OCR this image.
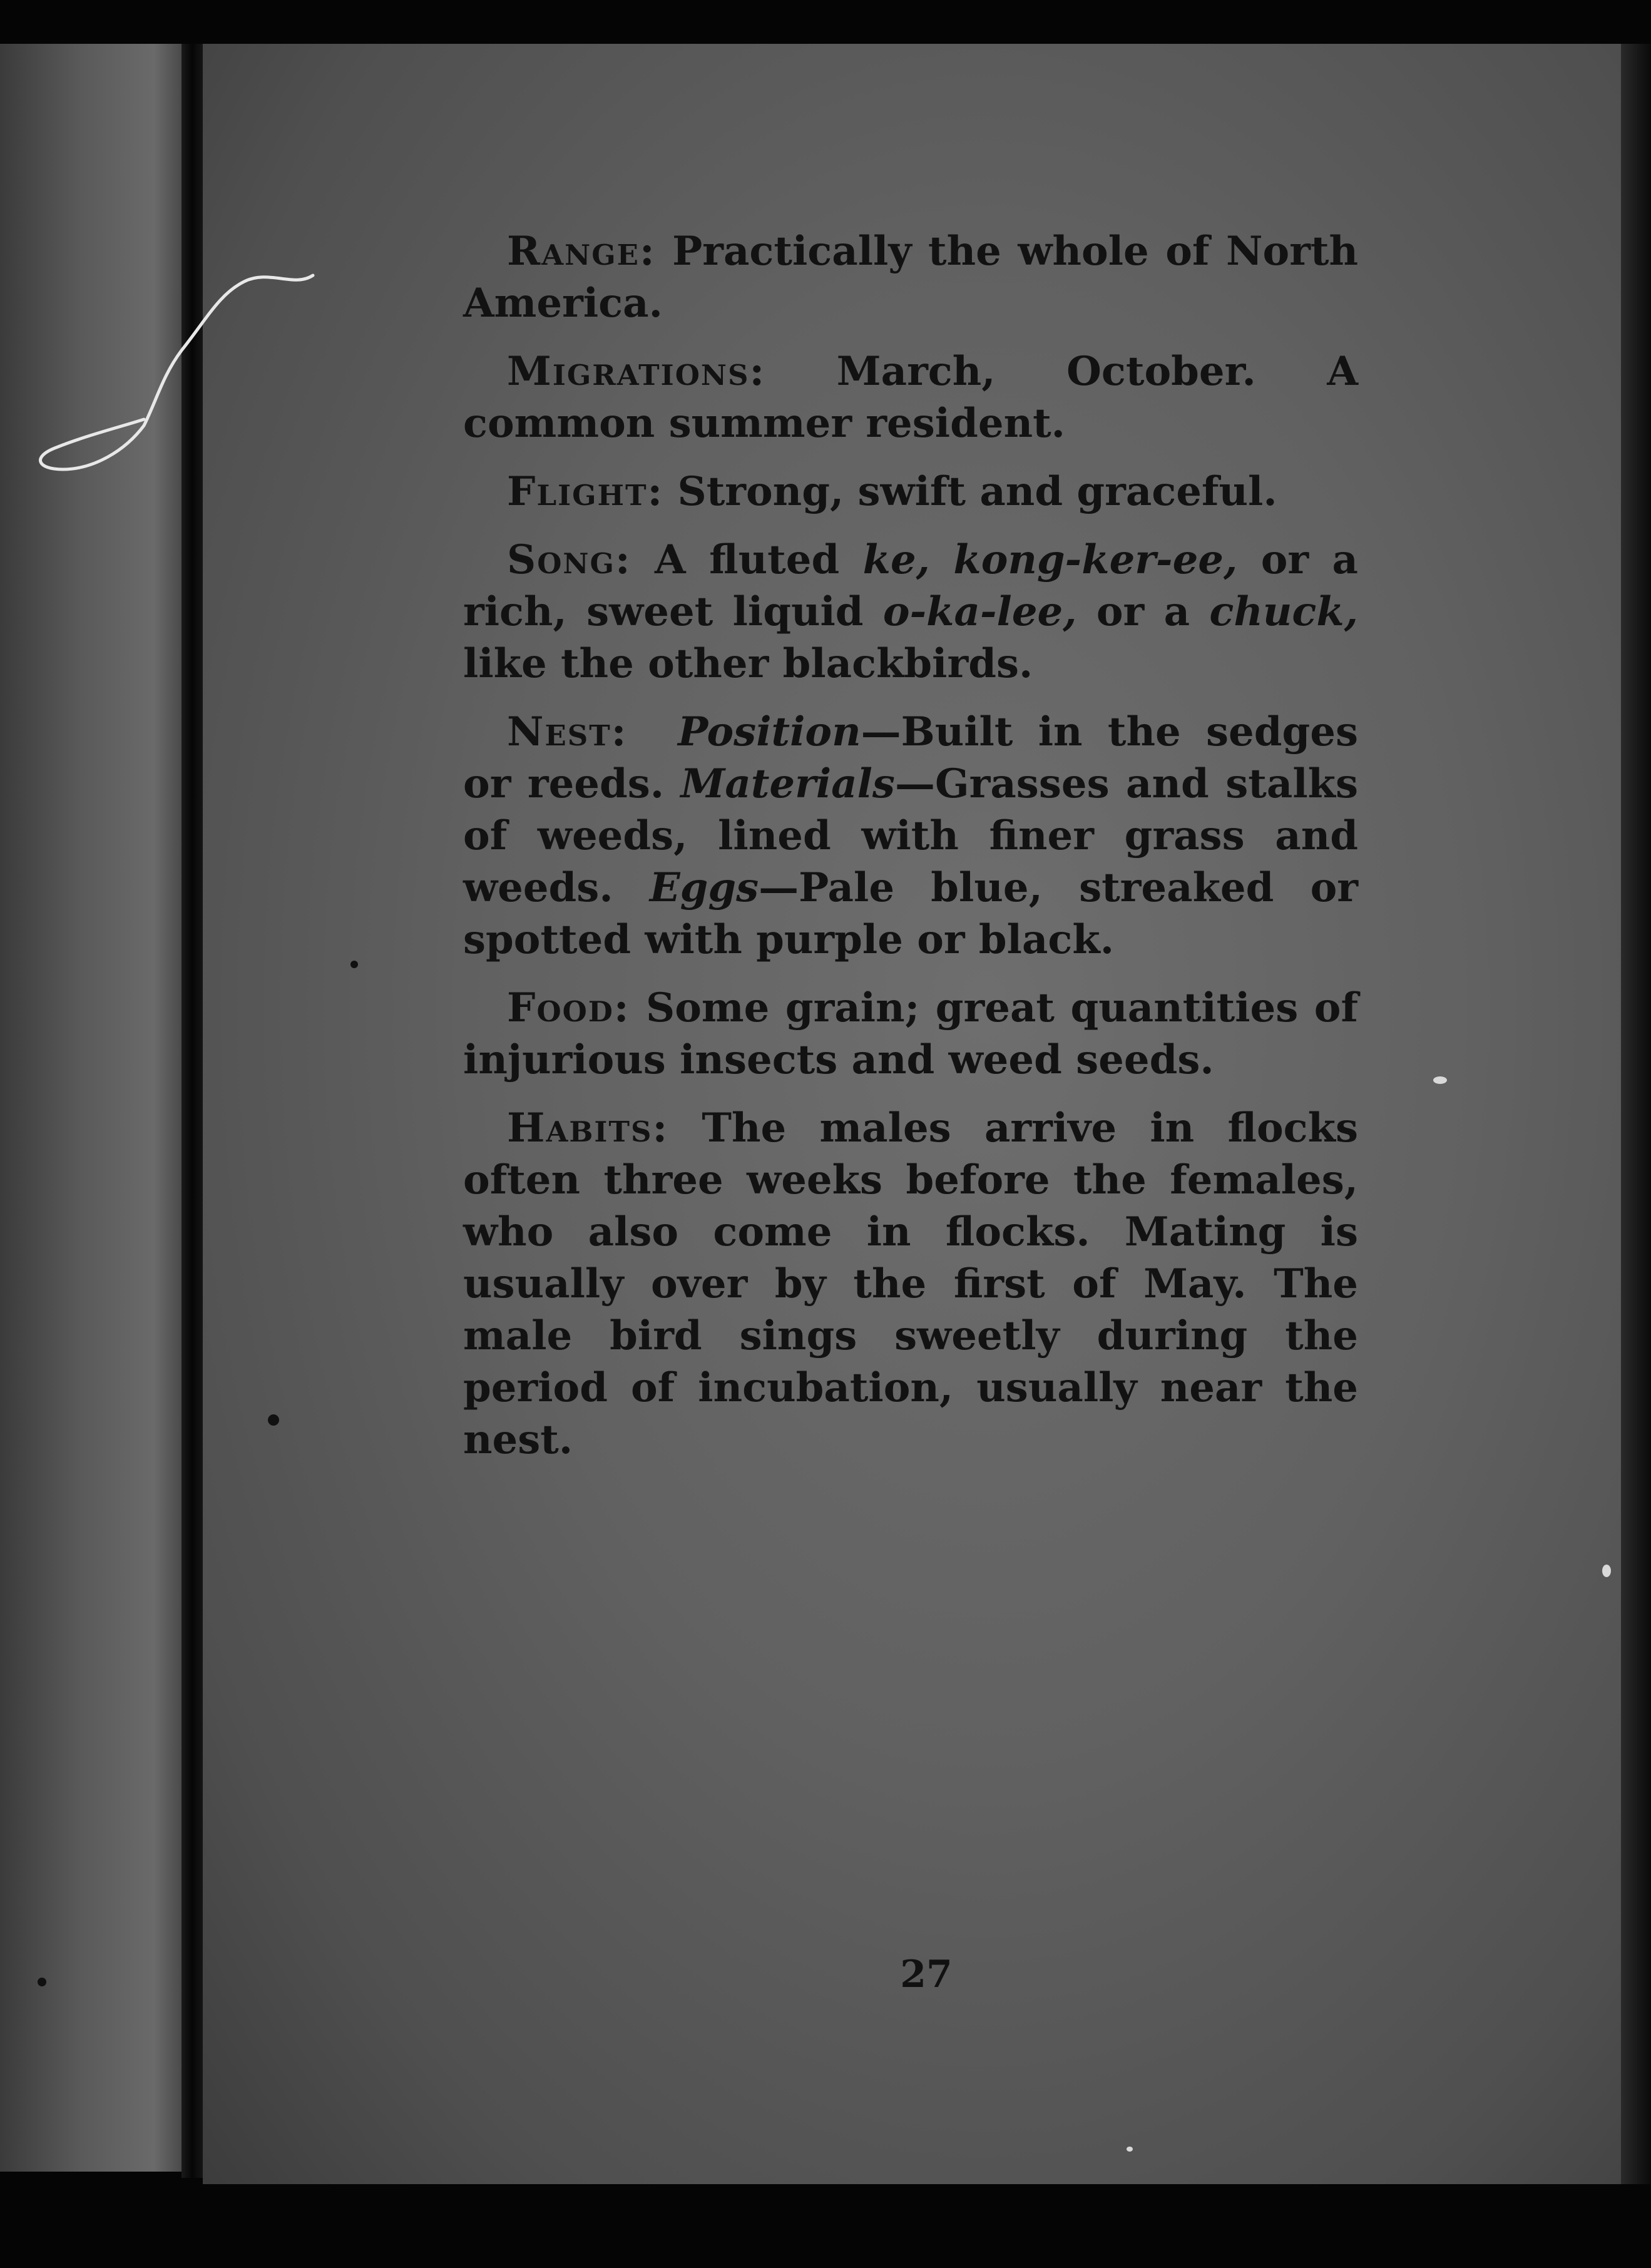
Range: Practically the whole of North America.

Migrations: March, October. A common summer resident.

Flight: Strong, swift and graceful.

Song: A fluted ke, kong-ker-ee, or a rich, sweet liquid o-ka-lee, or a chuck, like the other blackbirds.

Nest: Position—Built in the sedges or reeds. Materials—Grasses and stalks of weeds, lined with finer grass and weeds. Eggs—Pale blue, streaked or spotted with purple or black.

Food: Some grain; great quantities of injurious insects and weed seeds.

Habits: The males arrive in flocks often three weeks before the females, who also come in flocks. Mating is usually over by the first of May. The male bird sings sweetly during the period of incubation, usually near the nest.

27
